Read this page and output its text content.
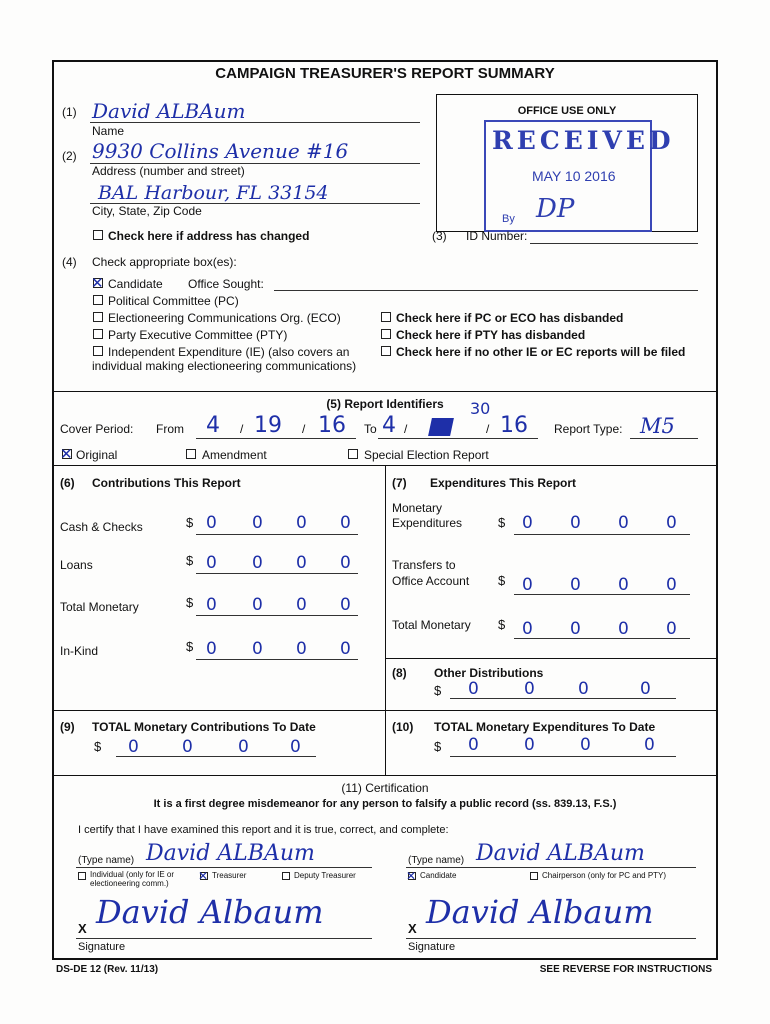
CAMPAIGN TREASURER'S REPORT SUMMARY
(1) David ALBAum
Name
(2) 9930 Collins Avenue #16
Address (number and street)
BAL Harbour, FL 33154
City, State, Zip Code
Check here if address has changed
OFFICE USE ONLY
RECEIVED
MAY 10 2016
By DP
(3) ID Number:
(4) Check appropriate box(es):
✕ Candidate Office Sought:
Political Committee (PC)
Electioneering Communications Org. (ECO)
Party Executive Committee (PTY)
Independent Expenditure (IE) (also covers an
individual making electioneering communications)
Check here if PC or ECO has disbanded
Check here if PTY has disbanded
Check here if no other IE or EC reports will be filed
(5) Report Identifiers
Cover Period: From 4 / 19 / 16 To 4 /
30
/ 16 Report Type: M5
✕ Original	Amendment	Special Election Report
(6) Contributions This Report
Cash & Checks	$ 0 0 0 0
Loans	$ 0 0 0 0
Total Monetary	$ 0 0 0 0
In-Kind	$ 0 0 0 0
(7) Expenditures This Report
Monetary
Expenditures	$ 0 0 0 0
Transfers to
Office Account $ 0 0 0 0
Total Monetary $ 0 0 0 0
(8) Other Distributions
$ 0	0	0	0
(9) TOTAL Monetary Contributions To Date
$ 0	0	0 0
(10) TOTAL Monetary Expenditures To Date
$ 0	0	0	0
(11) Certification
It is a first degree misdemeanor for any person to falsify a public record (ss. 839.13, F.S.)
I certify that I have examined this report and it is true, correct, and complete:
(Type name) David ALBAum
Individual (only for IE or electioneering comm.)
✕ Treasurer	Deputy Treasurer
X David Albaum
Signature
(Type name) David ALBAum
✕ Candidate	Chairperson (only for PC and PTY)
X David Albaum
Signature
DS-DE 12 (Rev. 11/13)	SEE REVERSE FOR INSTRUCTIONS
